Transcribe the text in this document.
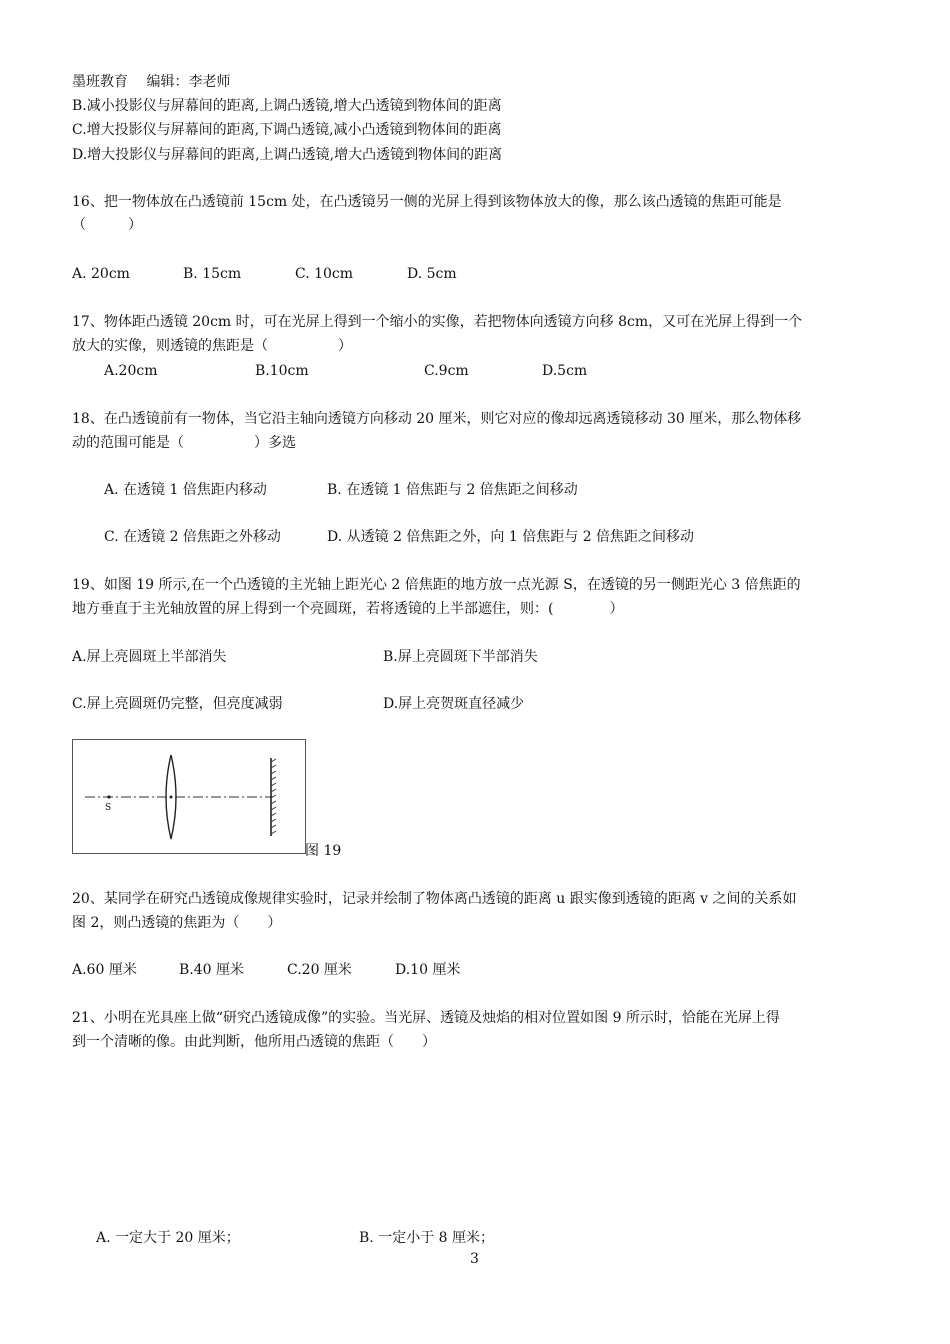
墨班教育　 编辑：李老师
B.减小投影仪与屏幕间的距离,上调凸透镜,增大凸透镜到物体间的距离
C.增大投影仪与屏幕间的距离,下调凸透镜,减小凸透镜到物体间的距离
D.增大投影仪与屏幕间的距离,上调凸透镜,增大凸透镜到物体间的距离
16、把一物体放在凸透镜前 15cm 处，在凸透镜另一侧的光屏上得到该物体放大的像，那么该凸透镜的焦距可能是
（　　　）
A. 20cm	B. 15cm	C. 10cm	D. 5cm
17、物体距凸透镜 20cm 时，可在光屏上得到一个缩小的实像，若把物体向透镜方向移 8cm，又可在光屏上得到一个
放大的实像，则透镜的焦距是（　　　　　）
A.20cm	B.10cm	C.9cm	D.5cm
18、在凸透镜前有一物体，当它沿主轴向透镜方向移动 20 厘米，则它对应的像却远离透镜移动 30 厘米，那么物体移
动的范围可能是（　　　　　）多选
A. 在透镜 1 倍焦距内移动	B. 在透镜 1 倍焦距与 2 倍焦距之间移动
C. 在透镜 2 倍焦距之外移动	D. 从透镜 2 倍焦距之外，向 1 倍焦距与 2 倍焦距之间移动
19、如图 19 所示,在一个凸透镜的主光轴上距光心 2 倍焦距的地方放一点光源 S，在透镜的另一侧距光心 3 倍焦距的
地方垂直于主光轴放置的屏上得到一个亮圆斑，若将透镜的上半部遮住，则：(　　　　）
A.屏上亮圆斑上半部消失	B.屏上亮圆斑下半部消失
C.屏上亮圆斑仍完整，但亮度减弱	D.屏上亮贺斑直径减少
S
图 19
20、某同学在研究凸透镜成像规律实验时，记录并绘制了物体离凸透镜的距离 u 跟实像到透镜的距离 v 之间的关系如
图 2，则凸透镜的焦距为（　　）
A.60 厘米	B.40 厘米	C.20 厘米	D.10 厘米
21、小明在光具座上做“研究凸透镜成像”的实验。当光屏、透镜及烛焰的相对位置如图 9 所示时，恰能在光屏上得
到一个清晰的像。由此判断，他所用凸透镜的焦距（　　）
A. 一定大于 20 厘米；	B. 一定小于 8 厘米；
3
